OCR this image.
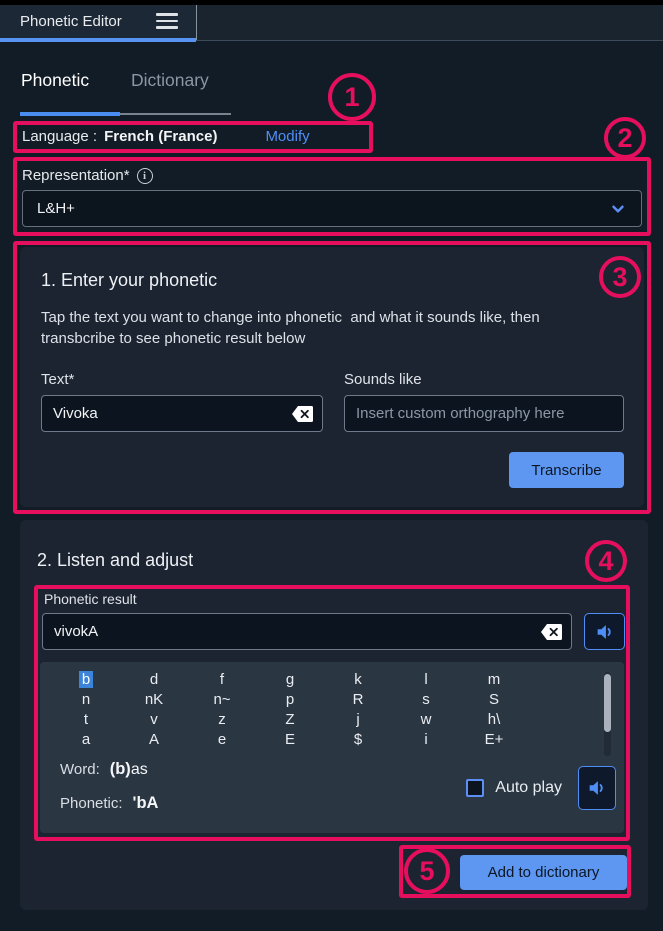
Phonetic Editor
Phonetic Dictionary
Language : French (France)	Modify
Representation*	i
L&H+
1. Enter your phonetic
Tap the text you want to change into phonetic  and what it sounds like, then transbcribe to see phonetic result below
Text*
Vivoka	Sounds like
Insert custom orthography here
Transcribe
2. Listen and adjust
Phonetic result
vivokA
b	d	f	g	k	l	m
n	nK	n~	p	R	s	S
t	v	z	Z	j	w	h\
a	A	e	E	$	i	E+
Word: (b)as
Phonetic: 'bA
Auto play
Add to dictionary
1
2
3
4
5
